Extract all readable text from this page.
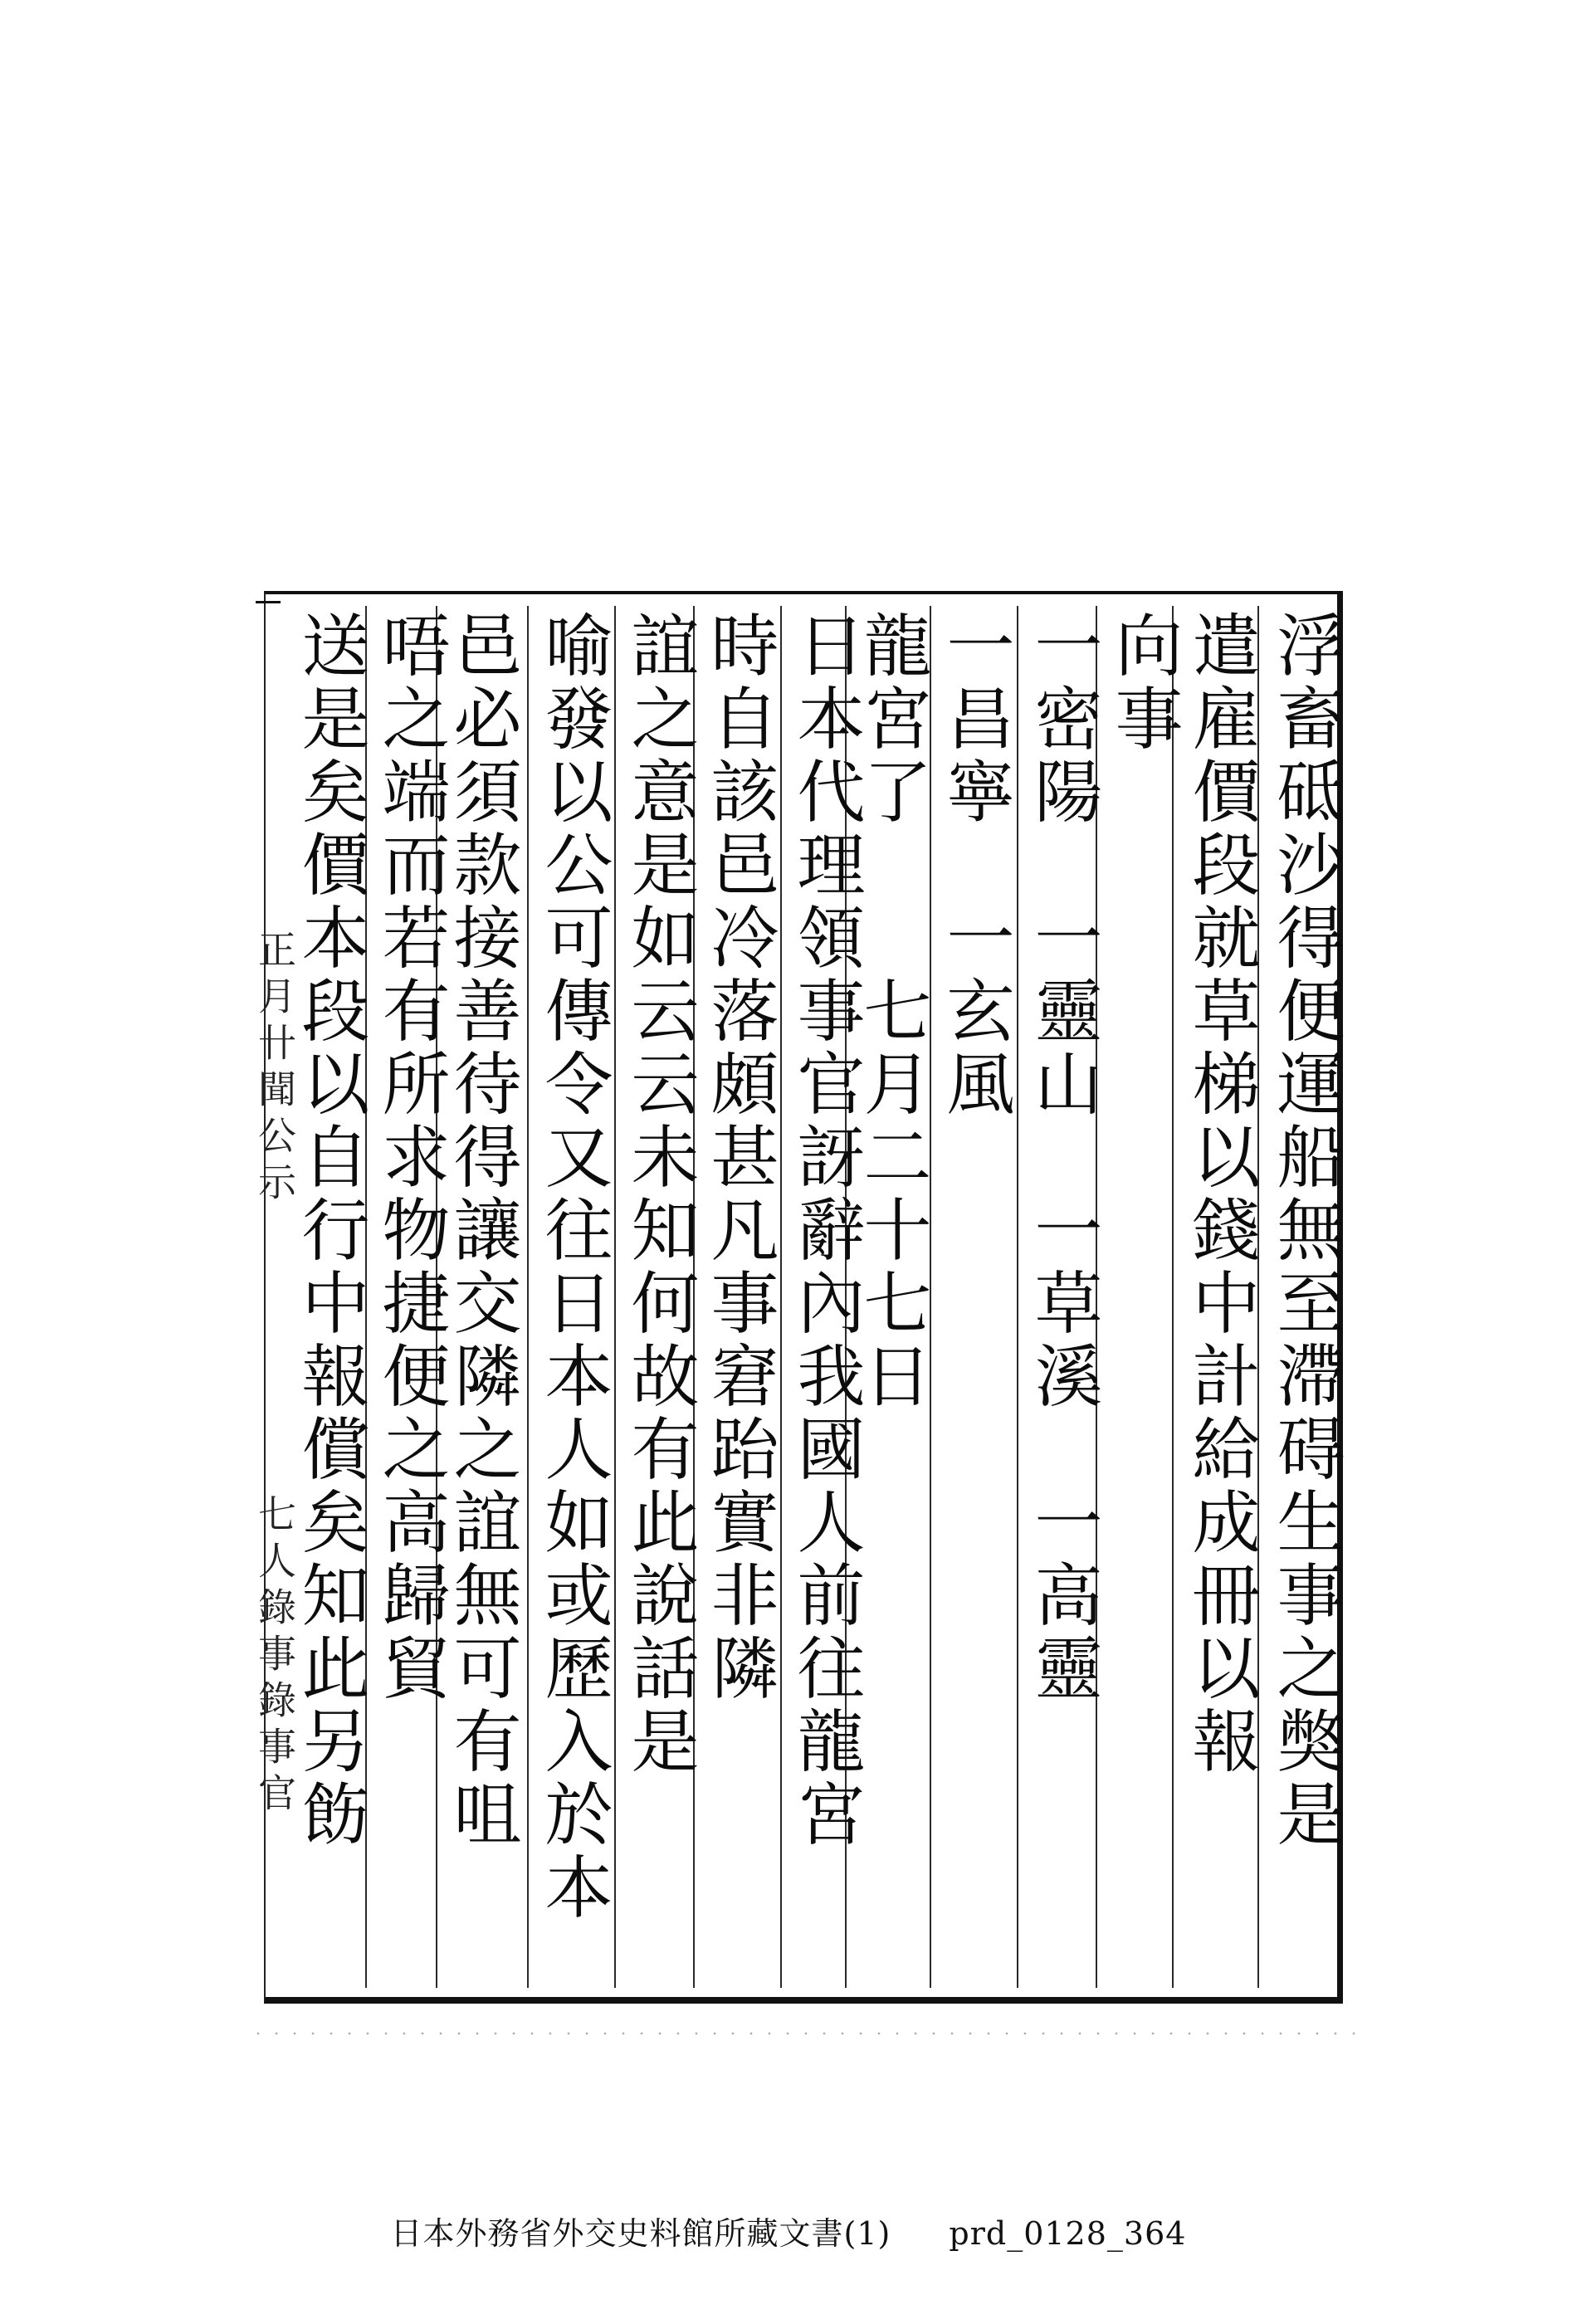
浮畜砥沙得便運船無至滯碍生事之獘是
遣雇價段就草梯以錢中計給成冊以報
向事
一密陽　一靈山　一草溪　一高靈
一昌寧　一玄風
龍宮了　　七月二十七日
日本代理領事官訝辭內我國人前往龍宮
時自該邑冷落頗甚凡事窘跆實非隣
誼之意是如云云未知何故有此說話是
喻發以公可傳令又往日本人如或歷入於本
邑必須款接善待得讓交隣之誼無可有咀
唔之端而若有所求物捷便之高歸貿
送是矣價本段以自行中報償矣知此另飭
正月卄聞公示
七人錄事錄事官
日本外務省外交史料館所藏文書(1) prd_0128_364
